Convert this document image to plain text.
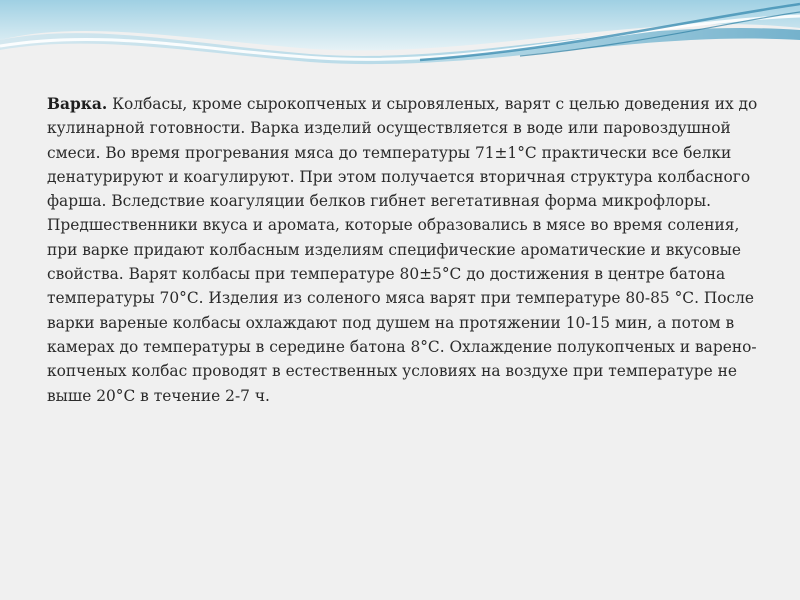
Варка. Колбасы, кроме сырокопченых и сыровяленых, варят с целью доведения их до кулинарной готовности. Варка изделий осуществляется в воде или паровоздушной смеси. Во время прогревания мяса до температуры 71±1°С практически все белки денатурируют и коагулируют. При этом получается вторичная структура колбасного фарша. Вследствие коагуляции белков гибнет вегетативная форма микрофлоры. Предшественники вкуса и аромата, которые образовались в мясе во время соления, при варке придают колбасным изделиям специфические ароматические и вкусовые свойства. Варят колбасы при температуре 80±5°С до достижения в центре батона температуры 70°С. Изделия из соленого мяса варят при температуре 80-85 °С. После варки вареные колбасы охлаждают под душем на протяжении 10-15 мин, а потом в камерах до температуры в середине батона 8°С. Охлаждение полукопченых и варено-копченых колбас проводят в естественных условиях на воздухе при температуре не выше 20°С в течение 2-7 ч.
